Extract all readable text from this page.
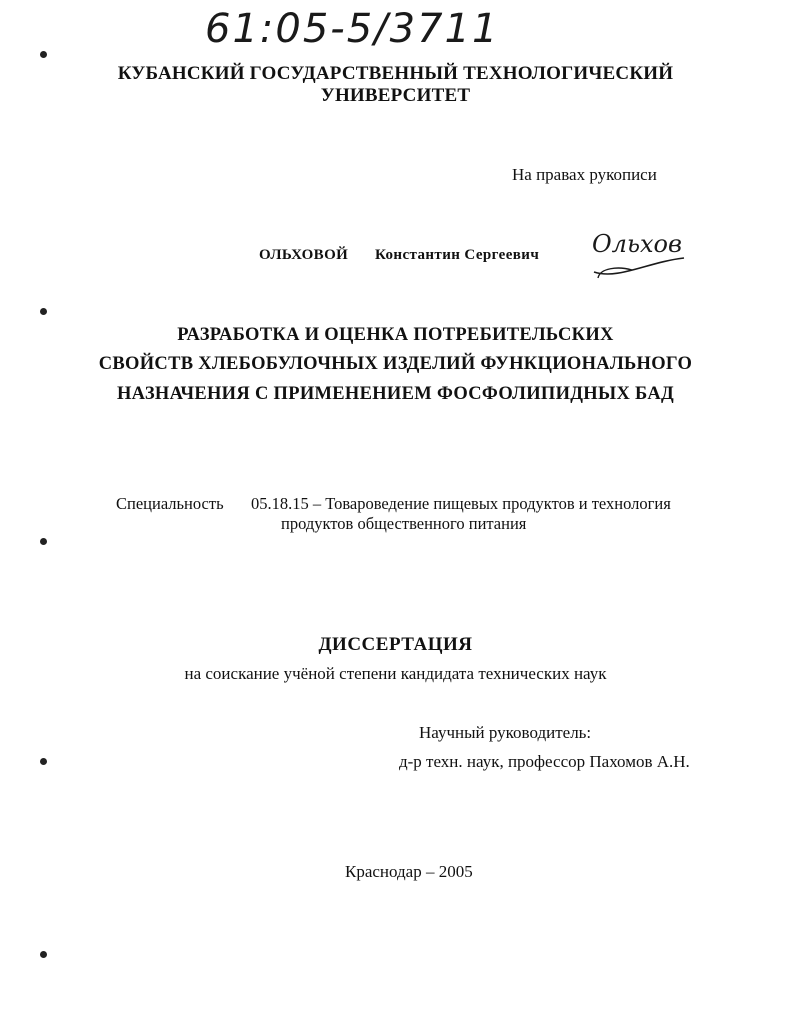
61:05-5/3711
КУБАНСКИЙ ГОСУДАРСТВЕННЫЙ ТЕХНОЛОГИЧЕСКИЙ
УНИВЕРСИТЕТ
На правах рукописи
ОЛЬХОВОЙ Константин Сергеевич Ольхов
РАЗРАБОТКА И ОЦЕНКА ПОТРЕБИТЕЛЬСКИХ
СВОЙСТВ ХЛЕБОБУЛОЧНЫХ ИЗДЕЛИЙ ФУНКЦИОНАЛЬНОГО
НАЗНАЧЕНИЯ С ПРИМЕНЕНИЕМ ФОСФОЛИПИДНЫХ БАД
Специальность 05.18.15 – Товароведение пищевых продуктов и технология
продуктов общественного питания
ДИССЕРТАЦИЯ
на соискание учёной степени кандидата технических наук
Научный руководитель:
д-р техн. наук, профессор Пахомов А.Н.
Краснодар – 2005
